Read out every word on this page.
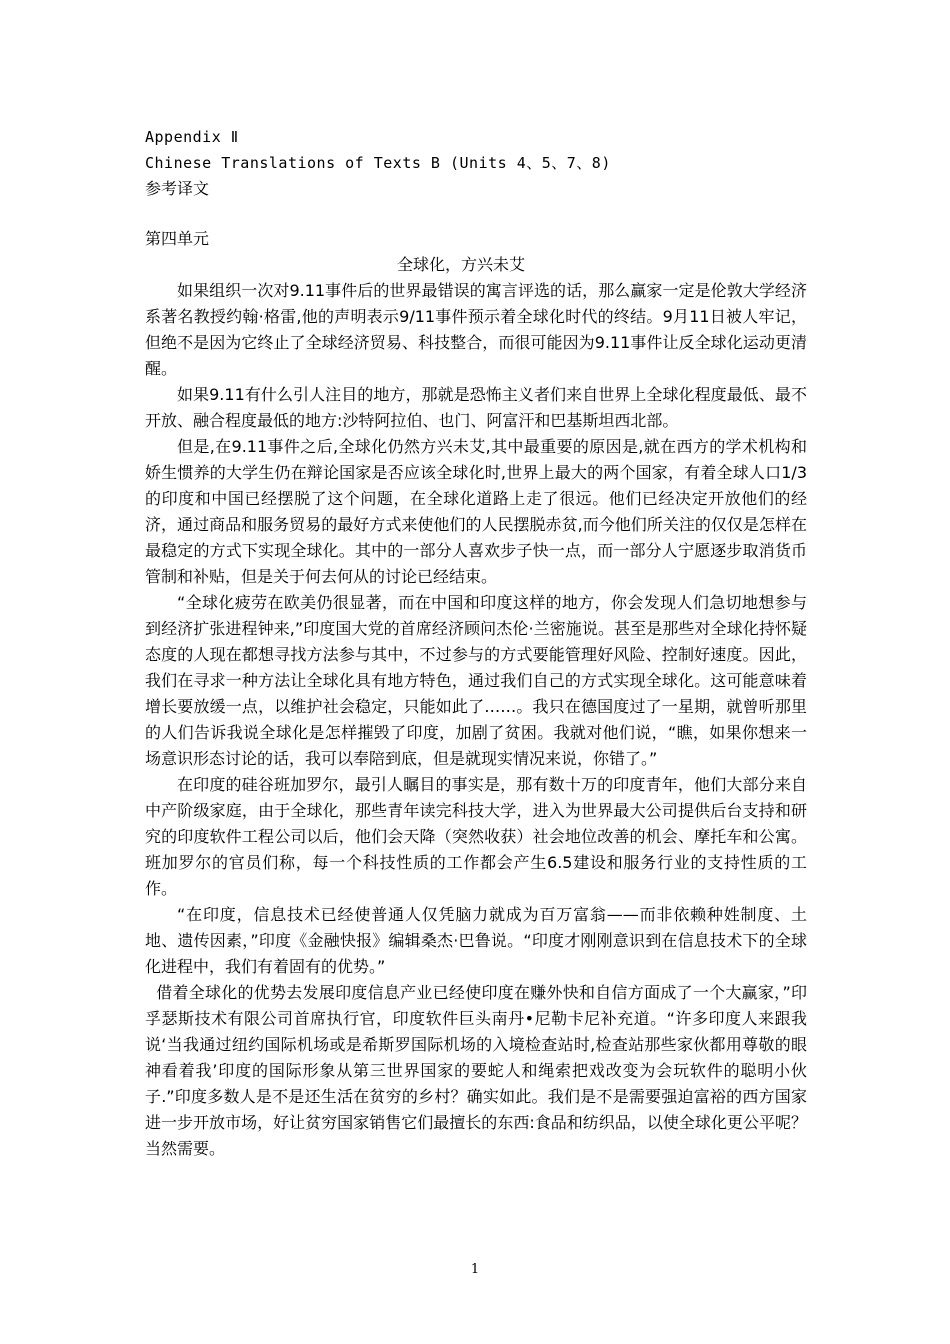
Appendix Ⅱ
Chinese Translations of Texts B (Units 4、5、7、8)
参考译文
第四单元
全球化，方兴未艾

如果组织一次对9.11事件后的世界最错误的寓言评选的话，那么赢家一定是伦敦大学经济系著名教授约翰·格雷,他的声明表示9/11事件预示着全球化时代的终结。9月11日被人牢记，但绝不是因为它终止了全球经济贸易、科技整合，而很可能因为9.11事件让反全球化运动更清醒。

如果9.11有什么引人注目的地方，那就是恐怖主义者们来自世界上全球化程度最低、最不开放、融合程度最低的地方:沙特阿拉伯、也门、阿富汗和巴基斯坦西北部。

但是,在9.11事件之后,全球化仍然方兴未艾,其中最重要的原因是,就在西方的学术机构和娇生惯养的大学生仍在辩论国家是否应该全球化时,世界上最大的两个国家，有着全球人口1/3的印度和中国已经摆脱了这个问题，在全球化道路上走了很远。他们已经决定开放他们的经济，通过商品和服务贸易的最好方式来使他们的人民摆脱赤贫,而今他们所关注的仅仅是怎样在最稳定的方式下实现全球化。其中的一部分人喜欢步子快一点，而一部分人宁愿逐步取消货币管制和补贴，但是关于何去何从的讨论已经结束。

“全球化疲劳在欧美仍很显著，而在中国和印度这样的地方，你会发现人们急切地想参与到经济扩张进程钟来,”印度国大党的首席经济顾问杰伦·兰密施说。甚至是那些对全球化持怀疑态度的人现在都想寻找方法参与其中，不过参与的方式要能管理好风险、控制好速度。因此，我们在寻求一种方法让全球化具有地方特色，通过我们自己的方式实现全球化。这可能意味着增长要放缓一点，以维护社会稳定，只能如此了……。我只在德国度过了一星期，就曾听那里的人们告诉我说全球化是怎样摧毁了印度，加剧了贫困。我就对他们说，“瞧，如果你想来一场意识形态讨论的话，我可以奉陪到底，但是就现实情况来说，你错了。”

在印度的硅谷班加罗尔，最引人瞩目的事实是，那有数十万的印度青年，他们大部分来自中产阶级家庭，由于全球化，那些青年读完科技大学，进入为世界最大公司提供后台支持和研究的印度软件工程公司以后，他们会天降（突然收获）社会地位改善的机会、摩托车和公寓。班加罗尔的官员们称，每一个科技性质的工作都会产生6.5建设和服务行业的支持性质的工作。

“在印度，信息技术已经使普通人仅凭脑力就成为百万富翁——而非依赖种姓制度、土地、遗传因素，”印度《金融快报》编辑桑杰·巴鲁说。“印度才刚刚意识到在信息技术下的全球化进程中，我们有着固有的优势。”

借着全球化的优势去发展印度信息产业已经使印度在赚外快和自信方面成了一个大赢家，”印孚瑟斯技术有限公司首席执行官，印度软件巨头南丹•尼勒卡尼补充道。“许多印度人来跟我说‘当我通过纽约国际机场或是希斯罗国际机场的入境检查站时,检查站那些家伙都用尊敬的眼神看着我’印度的国际形象从第三世界国家的要蛇人和绳索把戏改变为会玩软件的聪明小伙子.”印度多数人是不是还生活在贫穷的乡村？确实如此。我们是不是需要强迫富裕的西方国家进一步开放市场，好让贫穷国家销售它们最擅长的东西:食品和纺织品，以使全球化更公平呢？当然需要。

1
